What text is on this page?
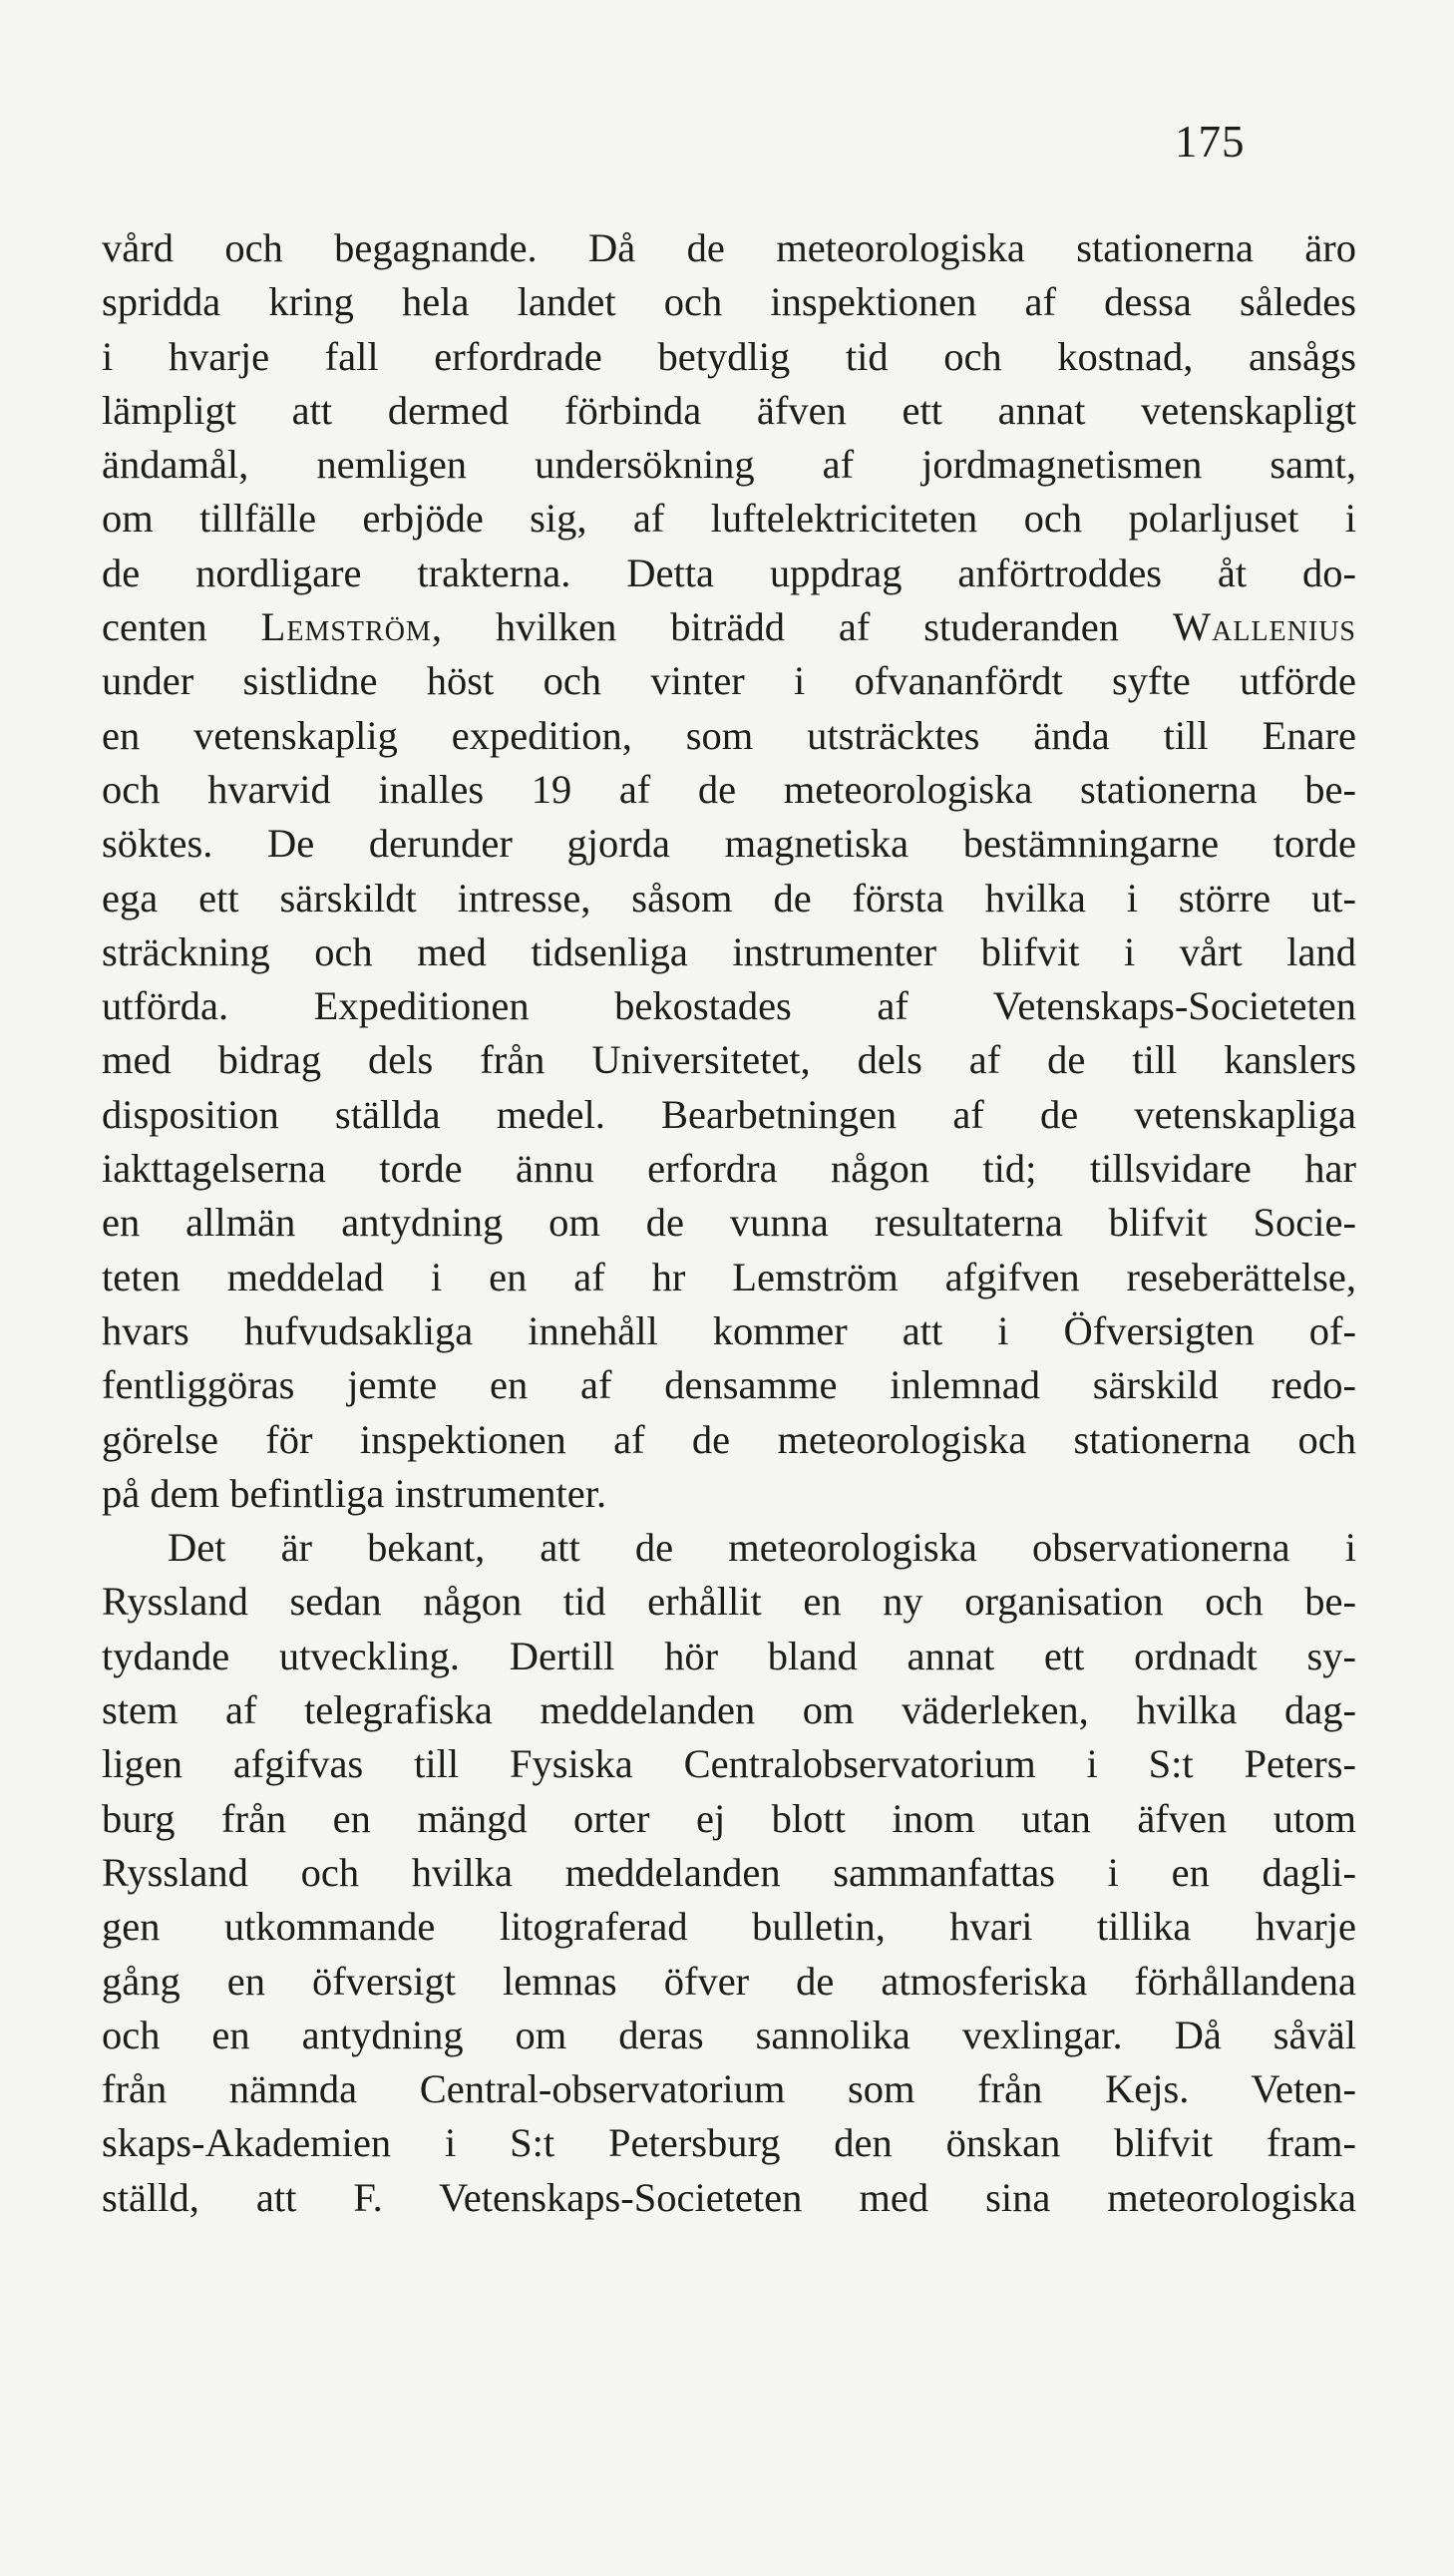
175
vård och begagnande. Då de meteorologiska stationerna äro
spridda kring hela landet och inspektionen af dessa således
i hvarje fall erfordrade betydlig tid och kostnad, ansågs
lämpligt att dermed förbinda äfven ett annat vetenskapligt
ändamål, nemligen undersökning af jordmagnetismen samt,
om tillfälle erbjöde sig, af luftelektriciteten och polarljuset i
de nordligare trakterna. Detta uppdrag anförtroddes åt do-
centen Lemström, hvilken biträdd af studeranden Wallenius
under sistlidne höst och vinter i ofvananfördt syfte utförde
en vetenskaplig expedition, som utsträcktes ända till Enare
och hvarvid inalles 19 af de meteorologiska stationerna be-
söktes. De derunder gjorda magnetiska bestämningarne torde
ega ett särskildt intresse, såsom de första hvilka i större ut-
sträckning och med tidsenliga instrumenter blifvit i vårt land
utförda. Expeditionen bekostades af Vetenskaps-Societeten
med bidrag dels från Universitetet, dels af de till kanslers
disposition ställda medel. Bearbetningen af de vetenskapliga
iakttagelserna torde ännu erfordra någon tid; tillsvidare har
en allmän antydning om de vunna resultaterna blifvit Socie-
teten meddelad i en af hr Lemström afgifven reseberättelse,
hvars hufvudsakliga innehåll kommer att i Öfversigten of-
fentliggöras jemte en af densamme inlemnad särskild redo-
görelse för inspektionen af de meteorologiska stationerna och
på dem befintliga instrumenter.
Det är bekant, att de meteorologiska observationerna i
Ryssland sedan någon tid erhållit en ny organisation och be-
tydande utveckling. Dertill hör bland annat ett ordnadt sy-
stem af telegrafiska meddelanden om väderleken, hvilka dag-
ligen afgifvas till Fysiska Centralobservatorium i S:t Peters-
burg från en mängd orter ej blott inom utan äfven utom
Ryssland och hvilka meddelanden sammanfattas i en dagli-
gen utkommande litograferad bulletin, hvari tillika hvarje
gång en öfversigt lemnas öfver de atmosferiska förhållandena
och en antydning om deras sannolika vexlingar. Då såväl
från nämnda Central-observatorium som från Kejs. Veten-
skaps-Akademien i S:t Petersburg den önskan blifvit fram-
ställd, att F. Vetenskaps-Societeten med sina meteorologiska
